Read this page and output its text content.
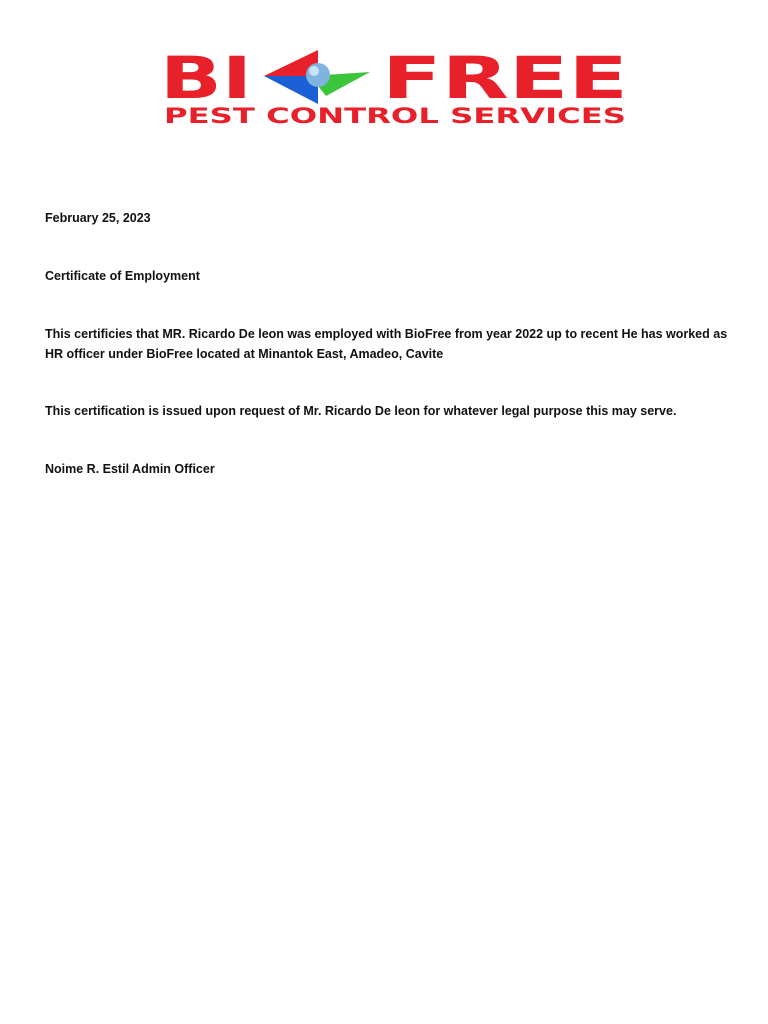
BI FREE
PEST CONTROL SERVICES

February 25, 2023

Certificate of Employment

This certificies that MR. Ricardo De leon was employed with BioFree from year 2022 up to recent He has worked as HR officer under BioFree located at Minantok East, Amadeo, Cavite

This certification is issued upon request of Mr. Ricardo De leon for whatever legal purpose this may serve.

Noime R. Estil Admin Officer
